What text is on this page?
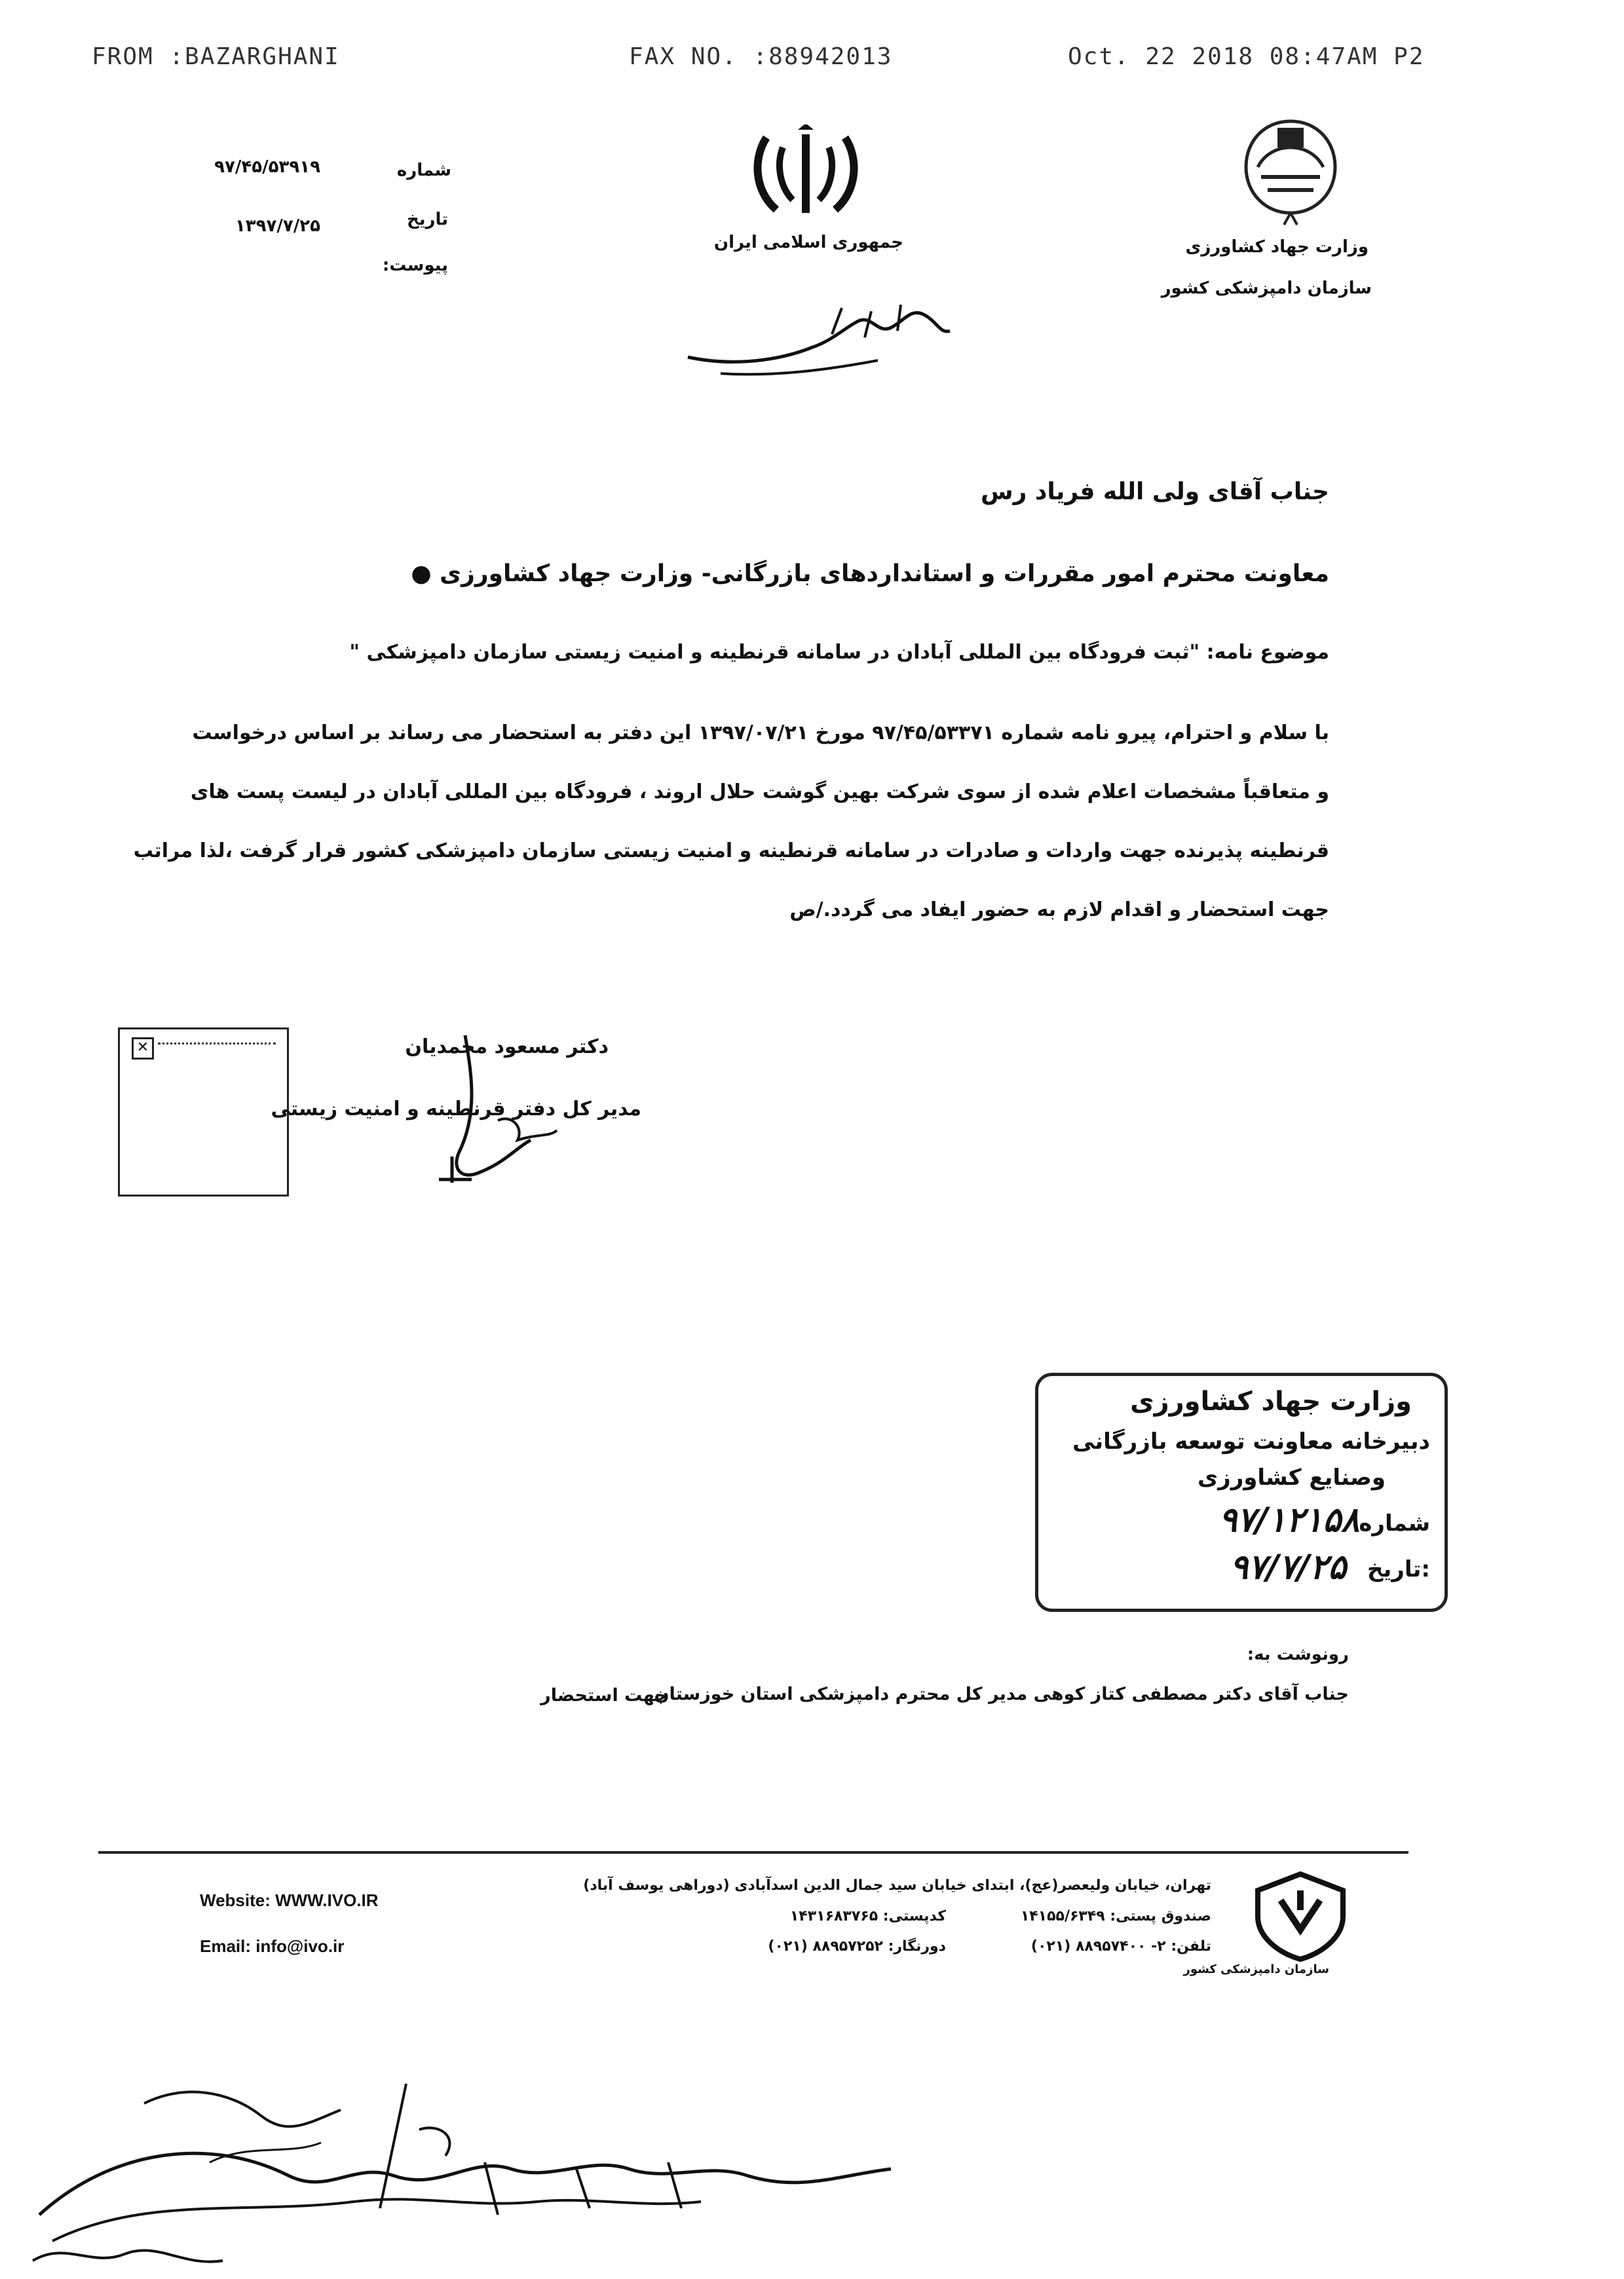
FROM :BAZARGHANI	FAX NO. :88942013	Oct. 22 2018 08:47AM P2
وزارت جهاد کشاورزی
سازمان دامپزشکی کشور
جمهوری اسلامی ایران
شماره
۹۷/۴۵/۵۳۹۱۹
تاریخ
۱۳۹۷/۷/۲۵
پیوست:
جناب آقای ولی الله فریاد رس
معاونت محترم امور مقررات و استانداردهای بازرگانی- وزارت جهاد کشاورزی ●
موضوع نامه: "ثبت فرودگاه بین المللی آبادان در سامانه قرنطینه و امنیت زیستی سازمان دامپزشکی "
با سلام و احترام، پیرو نامه شماره ۹۷/۴۵/۵۳۳۷۱ مورخ ۱۳۹۷/۰۷/۲۱ این دفتر به استحضار می رساند بر اساس درخواست
و متعاقباً مشخصات اعلام شده از سوی شرکت بهین گوشت حلال اروند ، فرودگاه بین المللی آبادان در لیست پست های
قرنطینه پذیرنده جهت واردات و صادرات در سامانه قرنطینه و امنیت زیستی سازمان دامپزشکی کشور قرار گرفت ،لذا مراتب
جهت استحضار و اقدام لازم به حضور ایفاد می گردد./ص
✕	دکتر مسعود محمدیان
مدیر کل دفتر قرنطینه و امنیت زیستی
وزارت جهاد کشاورزی
دبیرخانه معاونت توسعه بازرگانی
وصنایع کشاورزی
شماره
۹۷/۱۲۱۵۸
تاریخ:
۹۷/۷/۲۵
رونوشت به:
جناب آقای دکتر مصطفی کتاز کوهی مدیر کل محترم دامپزشکی استان خوزستان
جهت استحضار
سازمان دامپزشکی کشور
تهران، خیابان ولیعصر(عج)، ابتدای خیابان سید جمال الدین اسدآبادی (دوراهی یوسف آباد)
صندوق پستی: ۱۴۱۵۵/۶۳۴۹
کدپستی: ۱۴۳۱۶۸۳۷۶۵
تلفن: ۲- ۸۸۹۵۷۴۰۰ (۰۲۱)
دورنگار: ۸۸۹۵۷۲۵۲ (۰۲۱)
Website: WWW.IVO.IR
Email: info@ivo.ir
